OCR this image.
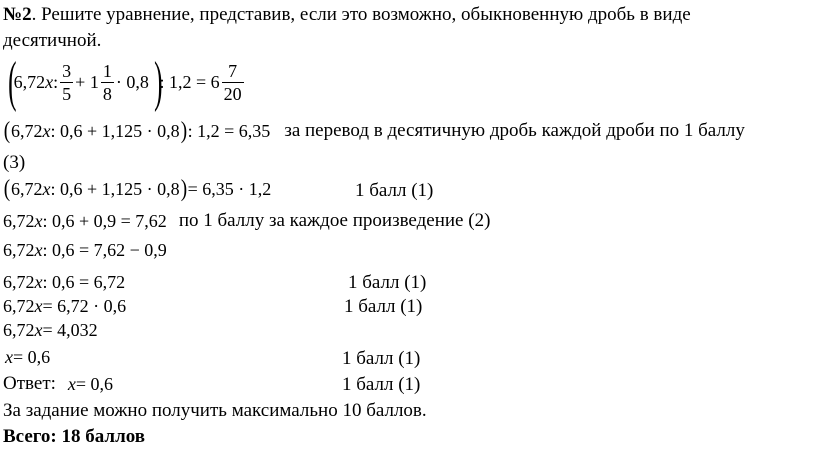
№2. Решите уравнение, представив, если это возможно, обыкновенную дробь в виде
десятичной.
(
6,72 x : $\frac{3}{5} + 1 \frac{1}{8} \cdot 0,8$ )
: $1,2 = 6 \frac{7}{20}$
( 6,72 x : 0,6 + 1,125 · 0,8 ) : 1,2 = 6,35 за перевод в десятичную дробь каждой дроби по 1 баллу
(3)
( 6,72 x : 0,6 + 1,125 · 0,8 ) = 6,35 · 1,2	1 балл (1)
6,72 x : 0,6 + 0,9 = 7,62 по 1 баллу за каждое произведение (2)
6,72 x : 0,6 = 7,62 − 0,9
6,72 x : 0,6 = 6,72	1 балл (1)
6,72 x = 6,72 · 0,6	1 балл (1)
6,72 x = 4,032
x = 0,6	1 балл (1)
Ответ: x = 0,6	1 балл (1)
За задание можно получить максимально 10 баллов.
Всего: 18 баллов
